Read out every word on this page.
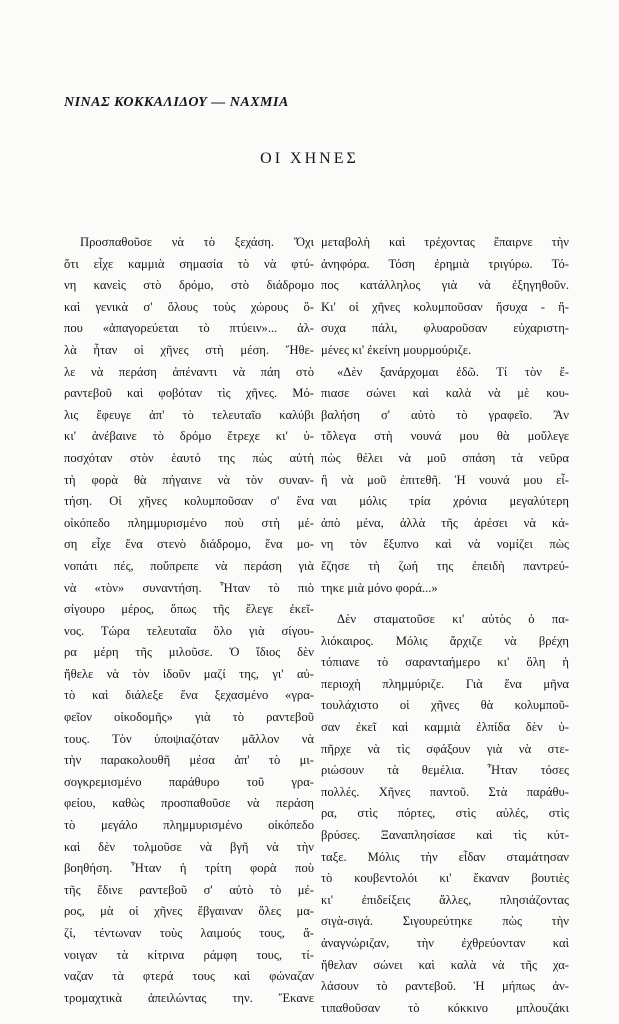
ΝΙΝΑΣ ΚΟΚΚΑΛΙΔΟΥ — ΝΑΧΜΙΑ
ΟΙ ΧΗΝΕΣ
Προσπαθοῦσε νὰ τὸ ξεχάση. Ὄχι
ὅτι εἶχε καμμιὰ σημασία τὸ νὰ φτύ-
νη κανεὶς στὸ δρόμο, στὸ διάδρομο
καὶ γενικὰ σ' ὅλους τοὺς χώρους ὅ-
που «ἀπαγορεύεται τὸ πτύειν»... ἀλ-
λὰ ἦταν οἱ χῆνες στὴ μέση. Ἤθε-
λε νὰ περάση ἀπέναντι νὰ πάη στὸ
ραντεβοῦ καὶ φοβόταν τὶς χῆνες. Μό-
λις ἔφευγε ἀπ' τὸ τελευταῖο καλύβι
κι' ἀνέβαινε τὸ δρόμο ἔτρεχε κι' ὑ-
ποσχόταν στὸν ἑαυτό της πὼς αὐτὴ
τὴ φορὰ θὰ πήγαινε νὰ τὸν συναν-
τήση. Οἱ χῆνες κολυμποῦσαν σ' ἕνα
οἰκόπεδο πλημμυρισμένο ποὺ στὴ μέ-
ση εἶχε ἕνα στενὸ διάδρομο, ἕνα μο-
νοπάτι πές, ποὔπρεπε νὰ περάση γιὰ
νὰ «τὸν» συναντήση. Ἦταν τὸ πιὸ
σίγουρο μέρος, ὅπως τῆς ἔλεγε ἐκεῖ-
νος. Τώρα τελευταῖα ὅλο γιὰ σίγου-
ρα μέρη τῆς μιλοῦσε. Ὁ ἴδιος δὲν
ἤθελε νὰ τὸν ἰδοῦν μαζί της, γι' αὐ-
τὸ καὶ διάλεξε ἕνα ξεχασμένο «γρα-
φεῖον οἰκοδομῆς» γιὰ τὸ ραντεβοῦ
τους. Τὸν ὑποψιαζόταν μᾶλλον νὰ
τὴν παρακολουθῆ μέσα ἀπ' τὸ μι-
σογκρεμισμένο παράθυρο τοῦ γρα-
φείου, καθὼς προσπαθοῦσε νὰ περάση
τὸ μεγάλο πλημμυρισμένο οἰκόπεδο
καὶ δὲν τολμοῦσε νὰ βγῆ νὰ τὴν
βοηθήση. Ἦταν ἡ τρίτη φορὰ ποὺ
τῆς ἔδινε ραντεβοῦ σ' αὐτὸ τὸ μέ-
ρος, μὰ οἱ χῆνες ἔβγαιναν ὅλες μα-
ζί, τέντωναν τοὺς λαιμούς τους, ἄ-
νοιγαν τὰ κίτρινα ράμφη τους, τί-
ναζαν τὰ φτερά τους καὶ φώναζαν
τρομαχτικὰ ἀπειλώντας την. Ἔκανε
μεταβολὴ καὶ τρέχοντας ἔπαιρνε τὴν
ἀνηφόρα. Τόση ἐρημιὰ τριγύρω. Τό-
πος κατάλληλος γιὰ νὰ ἐξηγηθοῦν.
Κι' οἱ χῆνες κολυμποῦσαν ἥσυχα - ἥ-
συχα πάλι, φλυαροῦσαν εὐχαριστη-
μένες κι' ἐκείνη μουρμούριζε.
«Δὲν ξανάρχομαι ἐδῶ. Τί τὸν ἔ-
πιασε σώνει καὶ καλὰ νὰ μὲ κου-
βαλήση σ' αὐτὸ τὸ γραφεῖο. Ἂν
τὄλεγα στὴ νουνά μου θὰ μοὔλεγε
πὼς θέλει νὰ μοῦ σπάση τὰ νεῦρα
ἢ νὰ μοῦ ἐπιτεθῆ. Ἡ νουνά μου εἶ-
ναι μόλις τρία χρόνια μεγαλύτερη
ἀπὸ μένα, ἀλλὰ τῆς ἀρέσει νὰ κά-
νη τὸν ἔξυπνο καὶ νὰ νομίζει πὼς
ἔζησε τὴ ζωή της ἐπειδὴ παντρεύ-
τηκε μιὰ μόνο φορά...»
Δὲν σταματοῦσε κι' αὐτὸς ὁ πα-
λιόκαιρος. Μόλις ἄρχιζε νὰ βρέχη
τόπιανε τὸ σαρανταήμερο κι' ὅλη ἡ
περιοχὴ πλημμύριζε. Γιὰ ἕνα μῆνα
τουλάχιστο οἱ χῆνες θὰ κολυμποῦ-
σαν ἐκεῖ καὶ καμμιὰ ἐλπίδα δὲν ὑ-
πῆρχε νὰ τὶς σφάξουν γιὰ νὰ στε-
ριώσουν τὰ θεμέλια. Ἦταν τόσες
πολλές. Χῆνες παντοῦ. Στὰ παράθυ-
ρα, στὶς πόρτες, στὶς αὐλές, στὶς
βρύσες. Ξαναπλησίασε καὶ τὶς κύτ-
ταξε. Μόλις τὴν εἶδαν σταμάτησαν
τὸ κουβεντολόι κι' ἔκαναν βουτιὲς
κι' ἐπιδείξεις ἄλλες, πλησιάζοντας
σιγὰ-σιγά. Σιγουρεύτηκε πὼς τὴν
ἀναγνώριζαν, τὴν ἐχθρεύονταν καὶ
ἤθελαν σώνει καὶ καλὰ νὰ τῆς χα-
λάσουν τὸ ραντεβοῦ. Ἡ μήπως ἀν-
τιπαθοῦσαν τὸ κόκκινο μπλουζάκι
